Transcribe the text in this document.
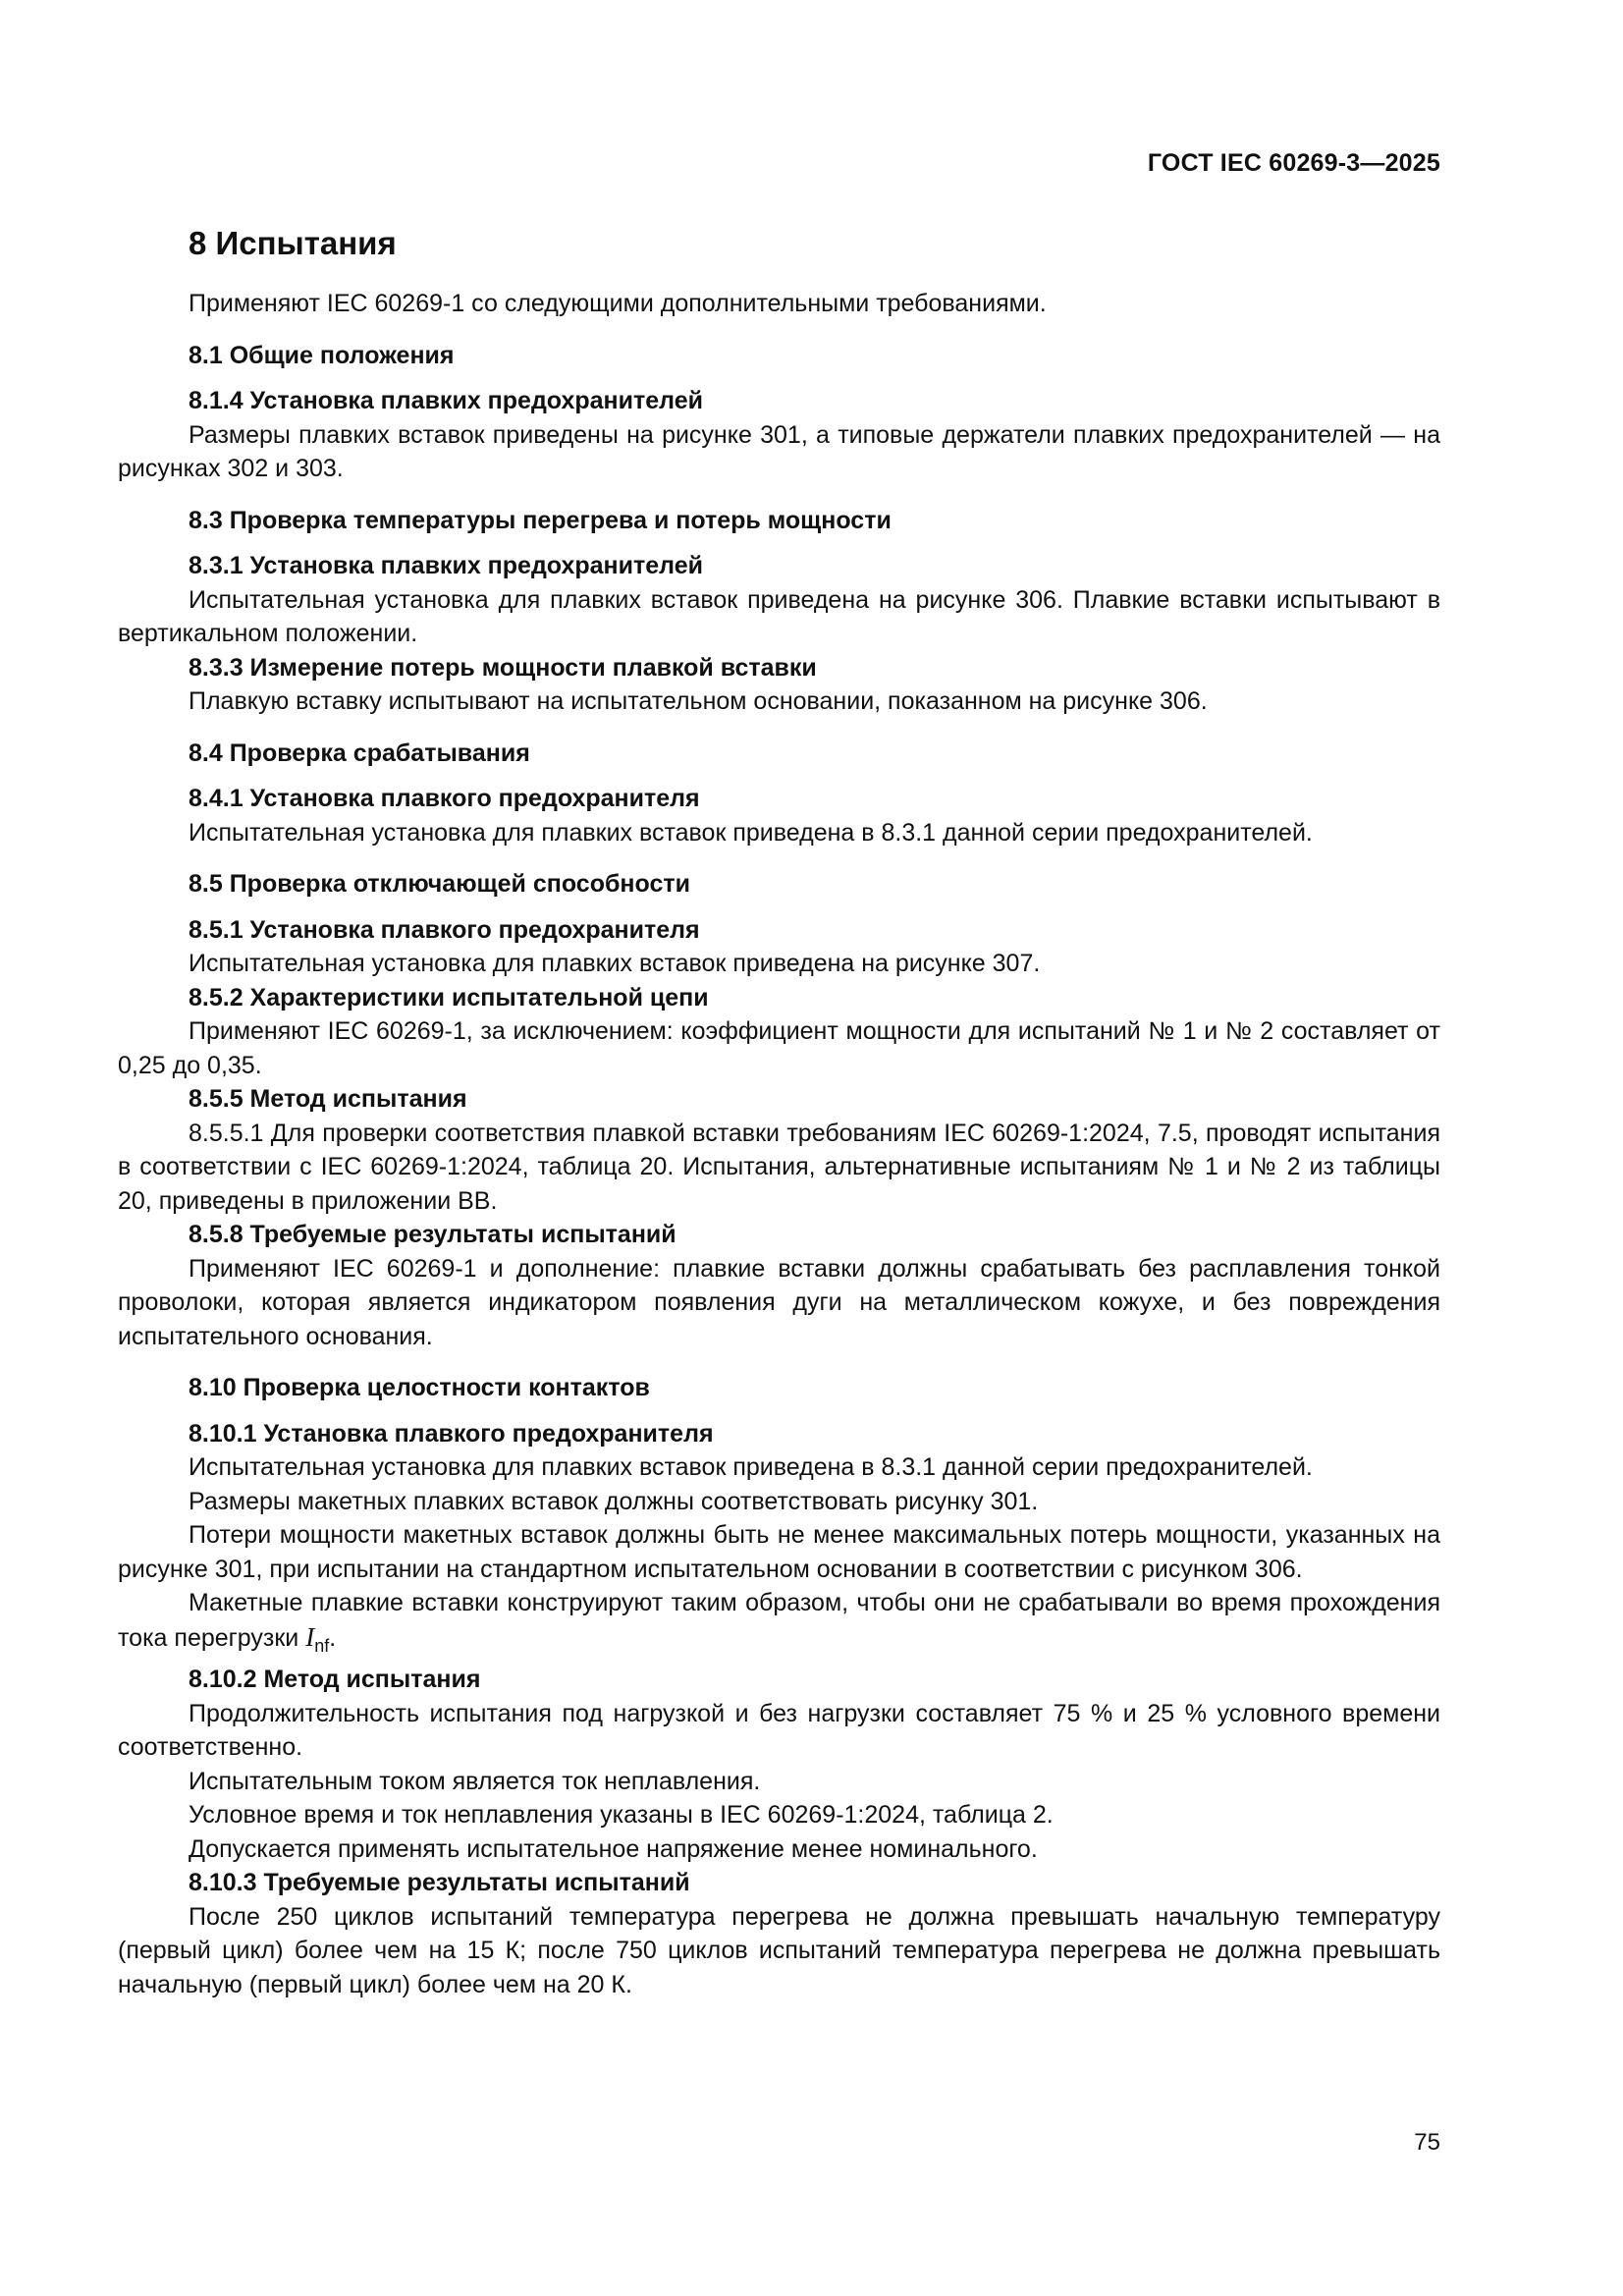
ГОСТ IEC 60269-3—2025
8 Испытания

Применяют IEC 60269-1 со следующими дополнительными требованиями.

8.1 Общие положения
8.1.4 Установка плавких предохранителей

Размеры плавких вставок приведены на рисунке 301, а типовые держатели плавких предохранителей — на рисунках 302 и 303.

8.3 Проверка температуры перегрева и потерь мощности
8.3.1 Установка плавких предохранителей

Испытательная установка для плавких вставок приведена на рисунке 306. Плавкие вставки испытывают в вертикальном положении.

8.3.3 Измерение потерь мощности плавкой вставки

Плавкую вставку испытывают на испытательном основании, показанном на рисунке 306.

8.4 Проверка срабатывания
8.4.1 Установка плавкого предохранителя

Испытательная установка для плавких вставок приведена в 8.3.1 данной серии предохранителей.

8.5 Проверка отключающей способности
8.5.1 Установка плавкого предохранителя

Испытательная установка для плавких вставок приведена на рисунке 307.

8.5.2 Характеристики испытательной цепи

Применяют IEC 60269-1, за исключением: коэффициент мощности для испытаний № 1 и № 2 составляет от 0,25 до 0,35.

8.5.5 Метод испытания

8.5.5.1 Для проверки соответствия плавкой вставки требованиям IEC 60269-1:2024, 7.5, проводят испытания в соответствии с IEC 60269-1:2024, таблица 20. Испытания, альтернативные испытаниям № 1 и № 2 из таблицы 20, приведены в приложении ВВ.

8.5.8 Требуемые результаты испытаний

Применяют IEC 60269-1 и дополнение: плавкие вставки должны срабатывать без расплавления тонкой проволоки, которая является индикатором появления дуги на металлическом кожухе, и без повреждения испытательного основания.

8.10 Проверка целостности контактов
8.10.1 Установка плавкого предохранителя

Испытательная установка для плавких вставок приведена в 8.3.1 данной серии предохранителей.

Размеры макетных плавких вставок должны соответствовать рисунку 301.

Потери мощности макетных вставок должны быть не менее максимальных потерь мощности, указанных на рисунке 301, при испытании на стандартном испытательном основании в соответствии с рисунком 306.

Макетные плавкие вставки конструируют таким образом, чтобы они не срабатывали во время прохождения тока перегрузки $I_{nf}$.

8.10.2 Метод испытания

Продолжительность испытания под нагрузкой и без нагрузки составляет 75 % и 25 % условного времени соответственно.

Испытательным током является ток неплавления.

Условное время и ток неплавления указаны в IEC 60269-1:2024, таблица 2.

Допускается применять испытательное напряжение менее номинального.

8.10.3 Требуемые результаты испытаний

После 250 циклов испытаний температура перегрева не должна превышать начальную температуру (первый цикл) более чем на 15 К; после 750 циклов испытаний температура перегрева не должна превышать начальную (первый цикл) более чем на 20 К.

75
